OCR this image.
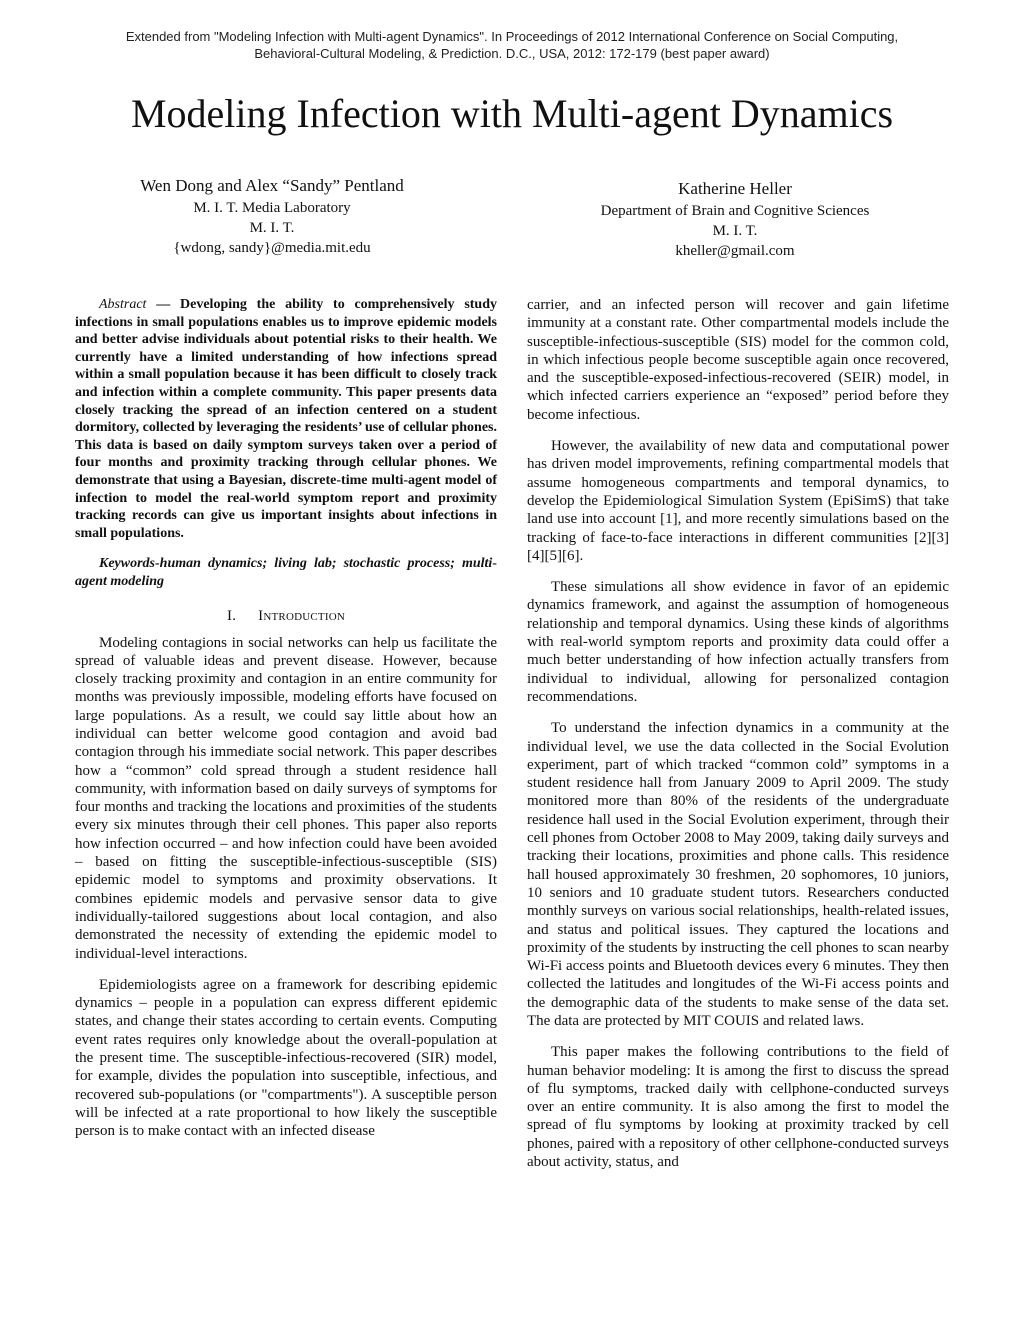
Extended from "Modeling Infection with Multi-agent Dynamics". In Proceedings of 2012 International Conference on Social Computing, Behavioral-Cultural Modeling, & Prediction. D.C., USA, 2012: 172-179 (best paper award)
Modeling Infection with Multi-agent Dynamics
Wen Dong and Alex “Sandy” Pentland
M. I. T. Media Laboratory
M. I. T.
{wdong, sandy}@media.mit.edu
Katherine Heller
Department of Brain and Cognitive Sciences
M. I. T.
kheller@gmail.com

Abstract — Developing the ability to comprehensively study infections in small populations enables us to improve epidemic models and better advise individuals about potential risks to their health. We currently have a limited understanding of how infections spread within a small population because it has been difficult to closely track and infection within a complete community. This paper presents data closely tracking the spread of an infection centered on a student dormitory, collected by leveraging the residents’ use of cellular phones. This data is based on daily symptom surveys taken over a period of four months and proximity tracking through cellular phones. We demonstrate that using a Bayesian, discrete-time multi-agent model of infection to model the real-world symptom report and proximity tracking records can give us important insights about infections in small populations.

Keywords-human dynamics; living lab; stochastic process; multi-agent modeling

I. Introduction

Modeling contagions in social networks can help us facilitate the spread of valuable ideas and prevent disease. However, because closely tracking proximity and contagion in an entire community for months was previously impossible, modeling efforts have focused on large populations. As a result, we could say little about how an individual can better welcome good contagion and avoid bad contagion through his immediate social network. This paper describes how a “common” cold spread through a student residence hall community, with information based on daily surveys of symptoms for four months and tracking the locations and proximities of the students every six minutes through their cell phones. This paper also reports how infection occurred – and how infection could have been avoided – based on fitting the susceptible-infectious-susceptible (SIS) epidemic model to symptoms and proximity observations. It combines epidemic models and pervasive sensor data to give individually-tailored suggestions about local contagion, and also demonstrated the necessity of extending the epidemic model to individual-level interactions.

Epidemiologists agree on a framework for describing epidemic dynamics – people in a population can express different epidemic states, and change their states according to certain events. Computing event rates requires only knowledge about the overall-population at the present time. The susceptible-infectious-recovered (SIR) model, for example, divides the population into susceptible, infectious, and recovered sub-populations (or "compartments"). A susceptible person will be infected at a rate proportional to how likely the susceptible person is to make contact with an infected disease

carrier, and an infected person will recover and gain lifetime immunity at a constant rate. Other compartmental models include the susceptible-infectious-susceptible (SIS) model for the common cold, in which infectious people become susceptible again once recovered, and the susceptible-exposed-infectious-recovered (SEIR) model, in which infected carriers experience an “exposed” period before they become infectious.

However, the availability of new data and computational power has driven model improvements, refining compartmental models that assume homogeneous compartments and temporal dynamics, to develop the Epidemiological Simulation System (EpiSimS) that take land use into account [1], and more recently simulations based on the tracking of face-to-face interactions in different communities [2][3][4][5][6].

These simulations all show evidence in favor of an epidemic dynamics framework, and against the assumption of homogeneous relationship and temporal dynamics. Using these kinds of algorithms with real-world symptom reports and proximity data could offer a much better understanding of how infection actually transfers from individual to individual, allowing for personalized contagion recommendations.

To understand the infection dynamics in a community at the individual level, we use the data collected in the Social Evolution experiment, part of which tracked “common cold” symptoms in a student residence hall from January 2009 to April 2009. The study monitored more than 80% of the residents of the undergraduate residence hall used in the Social Evolution experiment, through their cell phones from October 2008 to May 2009, taking daily surveys and tracking their locations, proximities and phone calls. This residence hall housed approximately 30 freshmen, 20 sophomores, 10 juniors, 10 seniors and 10 graduate student tutors. Researchers conducted monthly surveys on various social relationships, health-related issues, and status and political issues. They captured the locations and proximity of the students by instructing the cell phones to scan nearby Wi-Fi access points and Bluetooth devices every 6 minutes. They then collected the latitudes and longitudes of the Wi-Fi access points and the demographic data of the students to make sense of the data set. The data are protected by MIT COUIS and related laws.

This paper makes the following contributions to the field of human behavior modeling: It is among the first to discuss the spread of flu symptoms, tracked daily with cellphone-conducted surveys over an entire community. It is also among the first to model the spread of flu symptoms by looking at proximity tracked by cell phones, paired with a repository of other cellphone-conducted surveys about activity, status, and
